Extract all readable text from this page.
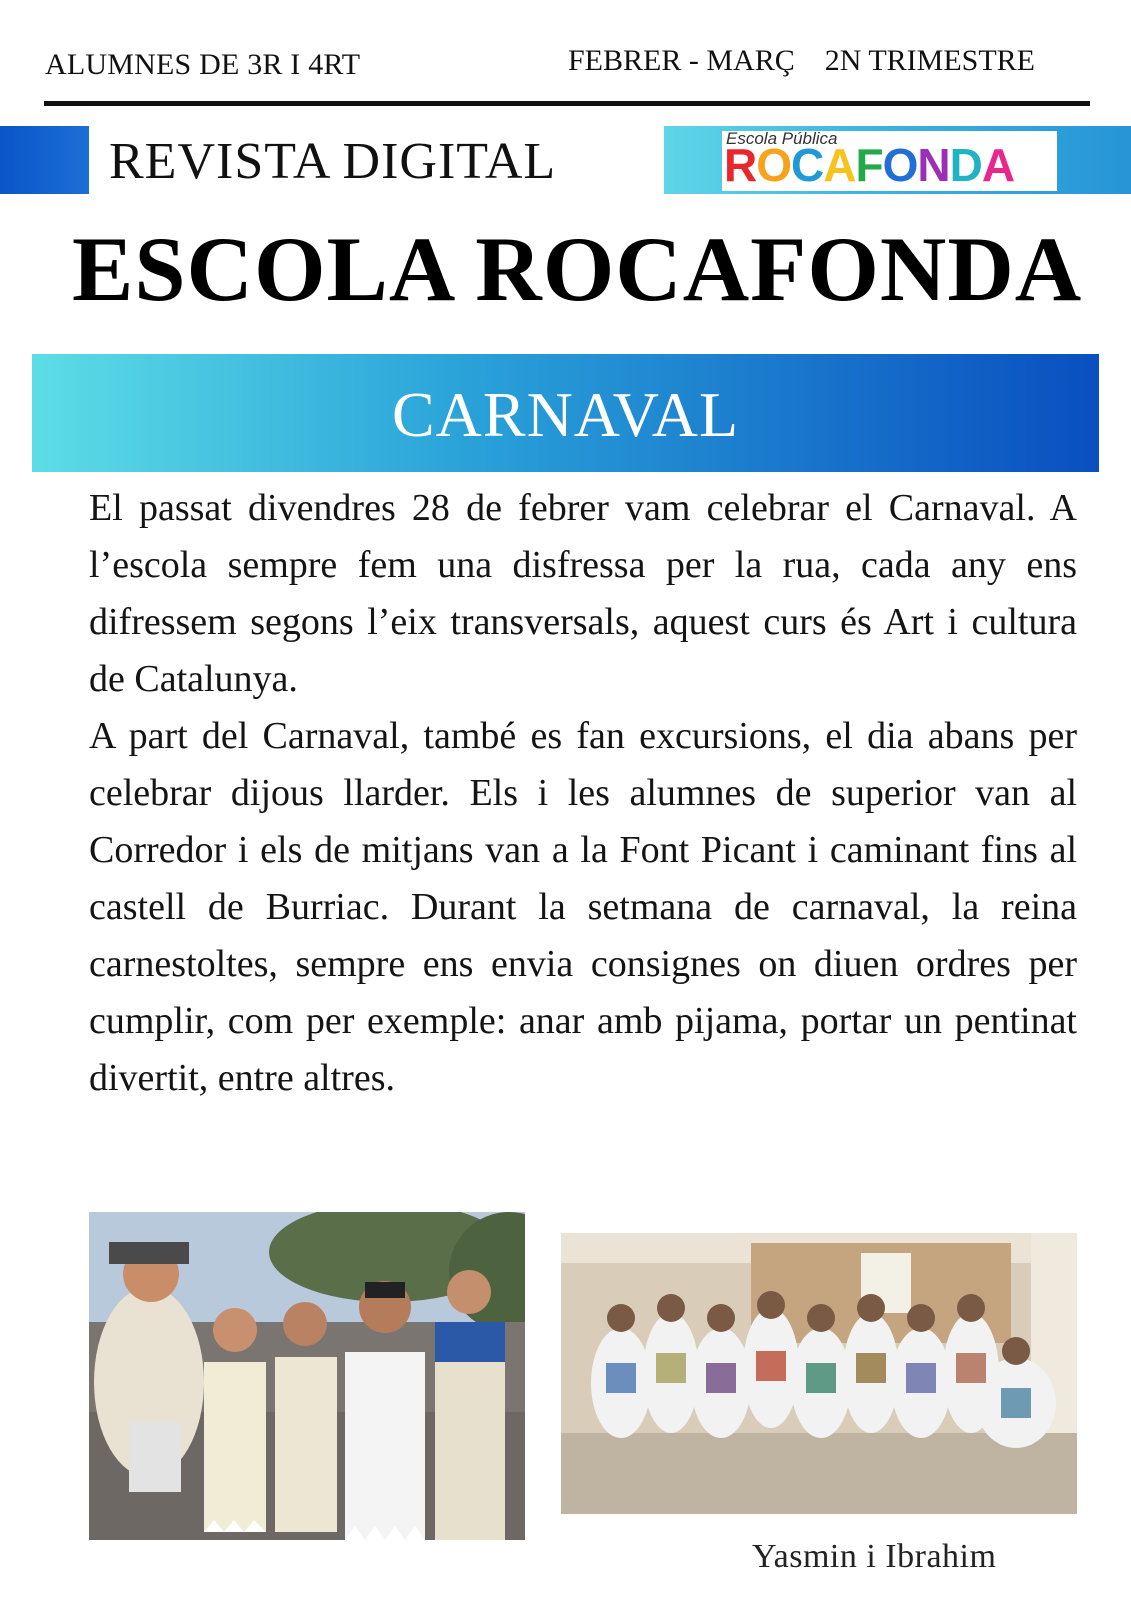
ALUMNES DE 3R I 4RT	FEBRER - MARÇ    2N TRIMESTRE
REVISTA DIGITAL	Escola Pública
R O C A F O N D A
ESCOLA ROCAFONDA
CARNAVAL

El passat divendres 28 de febrer vam celebrar el Carnaval. A l’escola sempre fem una disfressa per la rua, cada any ens difressem segons l’eix transversals, aquest curs és Art i cultura de Catalunya.

A part del Carnaval, també es fan excursions, el dia abans per celebrar dijous llarder. Els i les alumnes de superior van al Corredor i els de mitjans van a la Font Picant i caminant fins al castell de Burriac. Durant la setmana de carnaval, la reina carnestoltes, sempre ens envia consignes on diuen ordres per cumplir, com per exemple: anar amb pijama, portar un pentinat divertit, entre altres.

Yasmin i Ibrahim
